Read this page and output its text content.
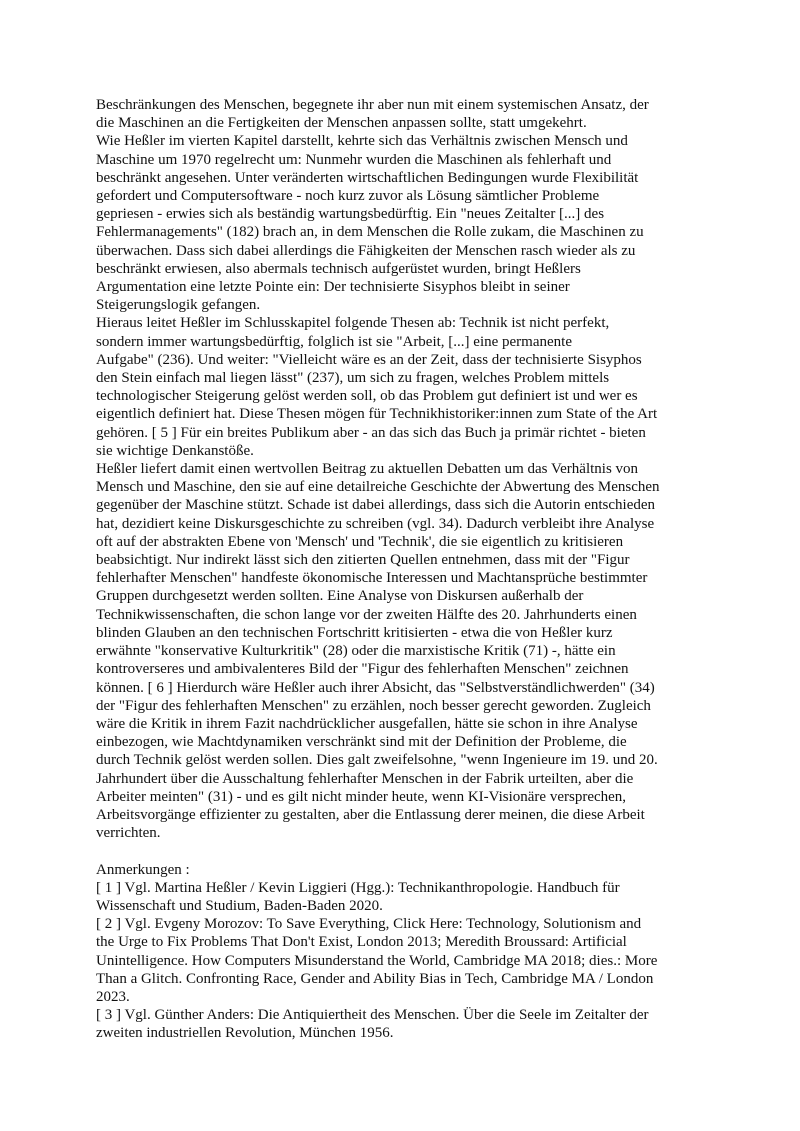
Beschränkungen des Menschen, begegnete ihr aber nun mit einem systemischen Ansatz, der
die Maschinen an die Fertigkeiten der Menschen anpassen sollte, statt umgekehrt.
Wie Heßler im vierten Kapitel darstellt, kehrte sich das Verhältnis zwischen Mensch und
Maschine um 1970 regelrecht um: Nunmehr wurden die Maschinen als fehlerhaft und
beschränkt angesehen. Unter veränderten wirtschaftlichen Bedingungen wurde Flexibilität
gefordert und Computersoftware - noch kurz zuvor als Lösung sämtlicher Probleme
gepriesen - erwies sich als beständig wartungsbedürftig. Ein "neues Zeitalter [...] des
Fehlermanagements" (182) brach an, in dem Menschen die Rolle zukam, die Maschinen zu
überwachen. Dass sich dabei allerdings die Fähigkeiten der Menschen rasch wieder als zu
beschränkt erwiesen, also abermals technisch aufgerüstet wurden, bringt Heßlers
Argumentation eine letzte Pointe ein: Der technisierte Sisyphos bleibt in seiner
Steigerungslogik gefangen.
Hieraus leitet Heßler im Schlusskapitel folgende Thesen ab: Technik ist nicht perfekt,
sondern immer wartungsbedürftig, folglich ist sie "Arbeit, [...] eine permanente
Aufgabe" (236). Und weiter: "Vielleicht wäre es an der Zeit, dass der technisierte Sisyphos
den Stein einfach mal liegen lässt" (237), um sich zu fragen, welches Problem mittels
technologischer Steigerung gelöst werden soll, ob das Problem gut definiert ist und wer es
eigentlich definiert hat. Diese Thesen mögen für Technikhistoriker:innen zum State of the Art
gehören. [ 5 ] Für ein breites Publikum aber - an das sich das Buch ja primär richtet - bieten
sie wichtige Denkanstöße.
Heßler liefert damit einen wertvollen Beitrag zu aktuellen Debatten um das Verhältnis von
Mensch und Maschine, den sie auf eine detailreiche Geschichte der Abwertung des Menschen
gegenüber der Maschine stützt. Schade ist dabei allerdings, dass sich die Autorin entschieden
hat, dezidiert keine Diskursgeschichte zu schreiben (vgl. 34). Dadurch verbleibt ihre Analyse
oft auf der abstrakten Ebene von 'Mensch' und 'Technik', die sie eigentlich zu kritisieren
beabsichtigt. Nur indirekt lässt sich den zitierten Quellen entnehmen, dass mit der "Figur
fehlerhafter Menschen" handfeste ökonomische Interessen und Machtansprüche bestimmter
Gruppen durchgesetzt werden sollten. Eine Analyse von Diskursen außerhalb der
Technikwissenschaften, die schon lange vor der zweiten Hälfte des 20. Jahrhunderts einen
blinden Glauben an den technischen Fortschritt kritisierten - etwa die von Heßler kurz
erwähnte "konservative Kulturkritik" (28) oder die marxistische Kritik (71) -, hätte ein
kontroverseres und ambivalenteres Bild der "Figur des fehlerhaften Menschen" zeichnen
können. [ 6 ] Hierdurch wäre Heßler auch ihrer Absicht, das "Selbstverständlichwerden" (34)
der "Figur des fehlerhaften Menschen" zu erzählen, noch besser gerecht geworden. Zugleich
wäre die Kritik in ihrem Fazit nachdrücklicher ausgefallen, hätte sie schon in ihre Analyse
einbezogen, wie Machtdynamiken verschränkt sind mit der Definition der Probleme, die
durch Technik gelöst werden sollen. Dies galt zweifelsohne, "wenn Ingenieure im 19. und 20.
Jahrhundert über die Ausschaltung fehlerhafter Menschen in der Fabrik urteilten, aber die
Arbeiter meinten" (31) - und es gilt nicht minder heute, wenn KI-Visionäre versprechen,
Arbeitsvorgänge effizienter zu gestalten, aber die Entlassung derer meinen, die diese Arbeit
verrichten.
Anmerkungen :
[ 1 ] Vgl. Martina Heßler / Kevin Liggieri (Hgg.): Technikanthropologie. Handbuch für
Wissenschaft und Studium, Baden-Baden 2020.
[ 2 ] Vgl. Evgeny Morozov: To Save Everything, Click Here: Technology, Solutionism and
the Urge to Fix Problems That Don't Exist, London 2013; Meredith Broussard: Artificial
Unintelligence. How Computers Misunderstand the World, Cambridge MA 2018; dies.: More
Than a Glitch. Confronting Race, Gender and Ability Bias in Tech, Cambridge MA / London
2023.
[ 3 ] Vgl. Günther Anders: Die Antiquiertheit des Menschen. Über die Seele im Zeitalter der
zweiten industriellen Revolution, München 1956.
